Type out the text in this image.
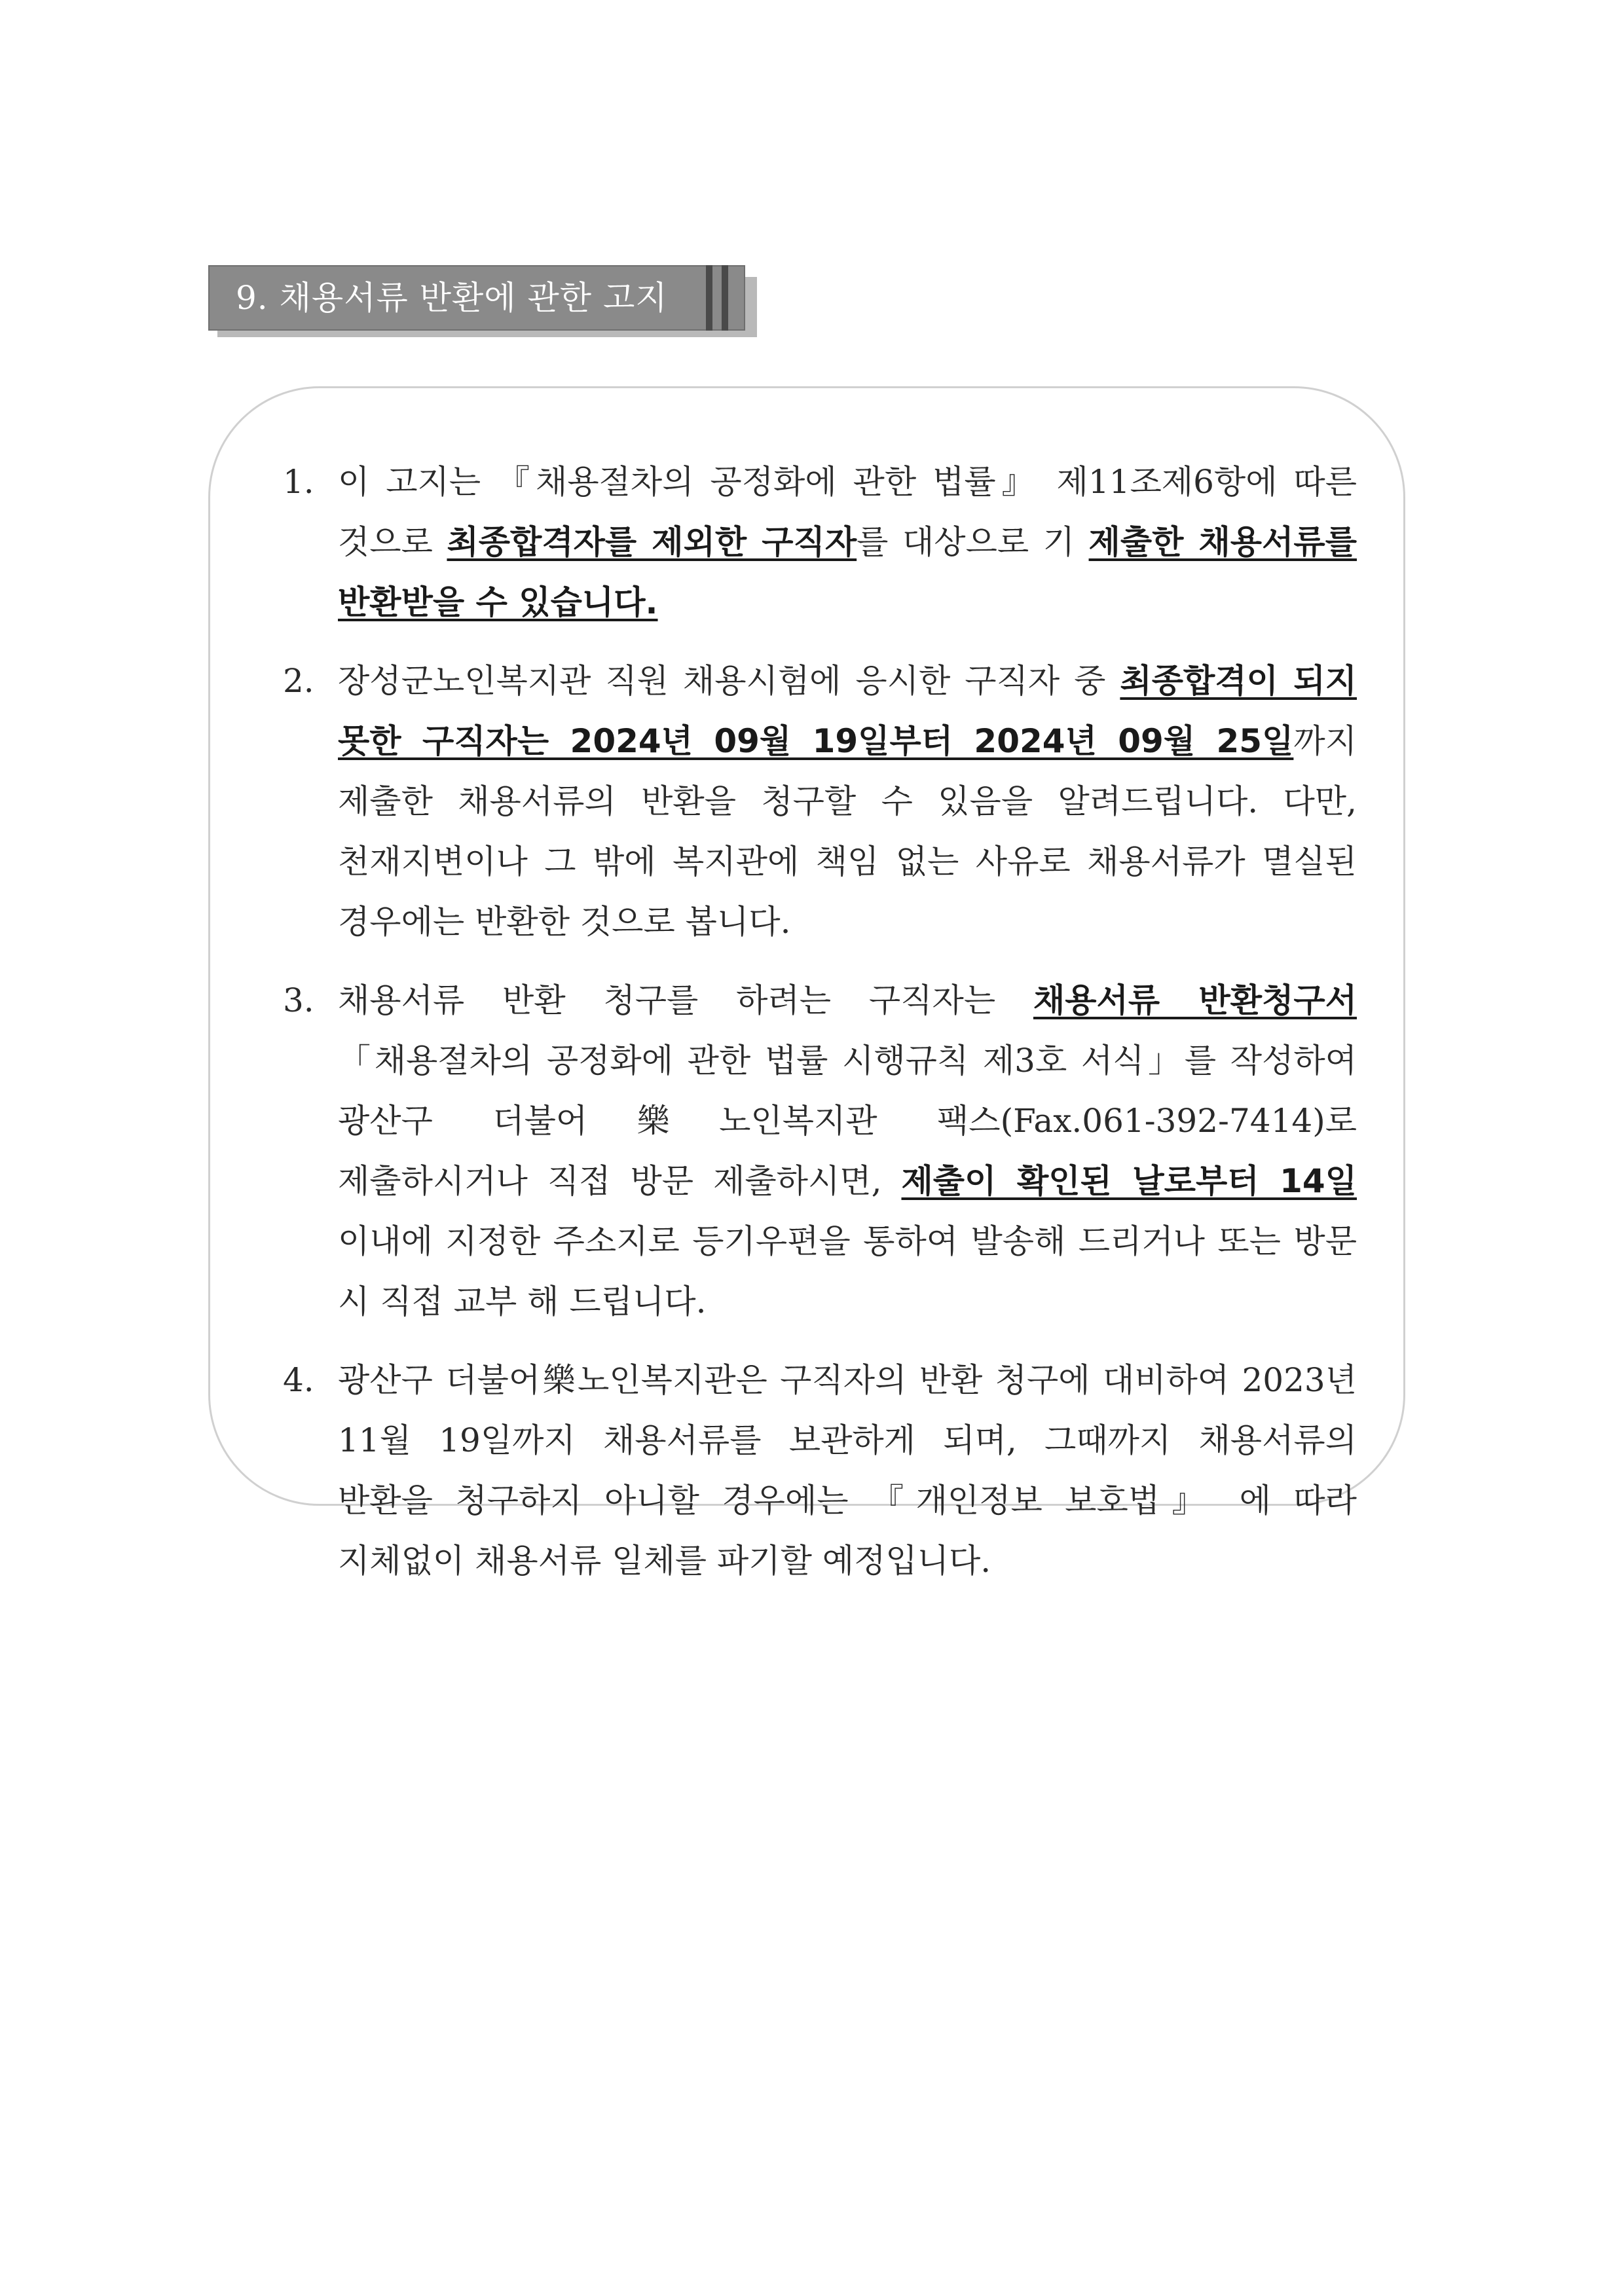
9. 채용서류 반환에 관한 고지
1. 이 고지는 『채용절차의 공정화에 관한 법률』 제11조제6항에 따른 것으로 최종합격자를 제외한 구직자를 대상으로 기 제출한 채용서류를 반환받을 수 있습니다.
2. 장성군노인복지관 직원 채용시험에 응시한 구직자 중 최종합격이 되지 못한 구직자는 2024년 09월 19일부터 2024년 09월 25일까지 제출한 채용서류의 반환을 청구할 수 있음을 알려드립니다. 다만, 천재지변이나 그 밖에 복지관에 책임 없는 사유로 채용서류가 멸실된 경우에는 반환한 것으로 봅니다.
3. 채용서류 반환 청구를 하려는 구직자는 채용서류 반환청구서 「채용절차의 공정화에 관한 법률 시행규칙 제3호 서식」를 작성하여 광산구 더불어樂노인복지관 팩스(Fax.061-392-7414)로 제출하시거나 직접 방문 제출하시면, 제출이 확인된 날로부터 14일 이내에 지정한 주소지로 등기우편을 통하여 발송해 드리거나 또는 방문 시 직접 교부 해 드립니다.
4. 광산구 더불어樂노인복지관은 구직자의 반환 청구에 대비하여 2023년 11월 19일까지 채용서류를 보관하게 되며, 그때까지 채용서류의 반환을 청구하지 아니할 경우에는 『개인정보 보호법』 에 따라 지체없이 채용서류 일체를 파기할 예정입니다.
